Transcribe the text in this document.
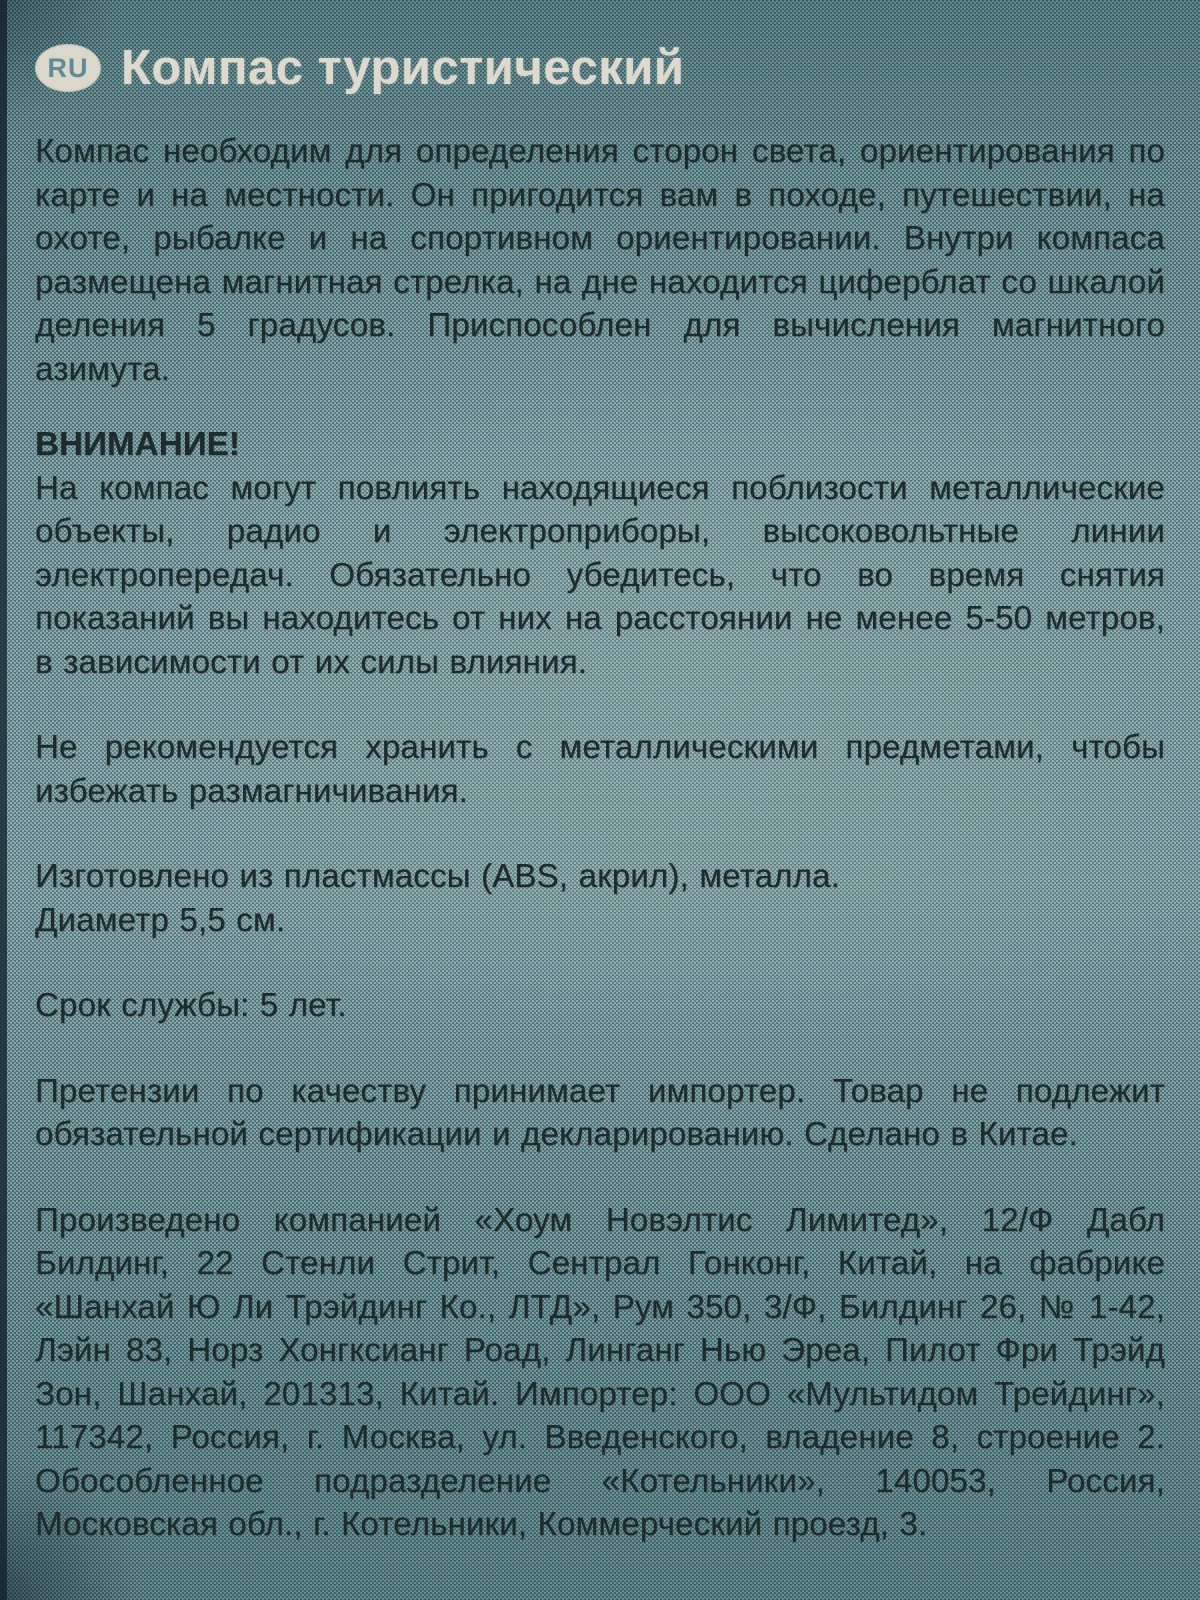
RU Компас туристический

Компас необходим для определения сторон света, ориентирования по карте и на местности. Он пригодится вам в походе, путешествии, на охоте, рыбалке и на спортивном ориентировании. Внутри компаса размещена магнитная стрелка, на дне находится циферблат со шкалой деления 5 градусов. Приспособлен для вычисления магнитного азимута.

ВНИМАНИЕ!

На компас могут повлиять находящиеся поблизости металлические объекты, радио и электроприборы, высоковольтные линии электропередач. Обязательно убедитесь, что во время снятия показаний вы находитесь от них на расстоянии не менее 5-50 метров, в зависимости от их силы влияния.

Не рекомендуется хранить с металлическими предметами, чтобы избежать размагничивания.

Изготовлено из пластмассы (ABS, акрил), металла.
Диаметр 5,5 см.

Срок службы: 5 лет.

Претензии по качеству принимает импортер. Товар не подлежит обязательной сертификации и декларированию. Сделано в Китае.

Произведено компанией «Хоум Новэлтис Лимитед», 12/Ф Дабл Билдинг, 22 Стенли Стрит, Сентрал Гонконг, Китай, на фабрике «Шанхай Ю Ли Трэйдинг Ко., ЛТД», Рум 350, 3/Ф, Билдинг 26, № 1-42, Лэйн 83, Норз Хонгксианг Роад, Линганг Нью Эреа, Пилот Фри Трэйд Зон, Шанхай, 201313, Китай. Импортер: ООО «Мультидом Трейдинг», 117342, Россия, г. Москва, ул. Введенского, владение 8, строение 2. Обособленное подразделение «Котельники», 140053, Россия, Московская обл., г. Котельники, Коммерческий проезд, 3.
